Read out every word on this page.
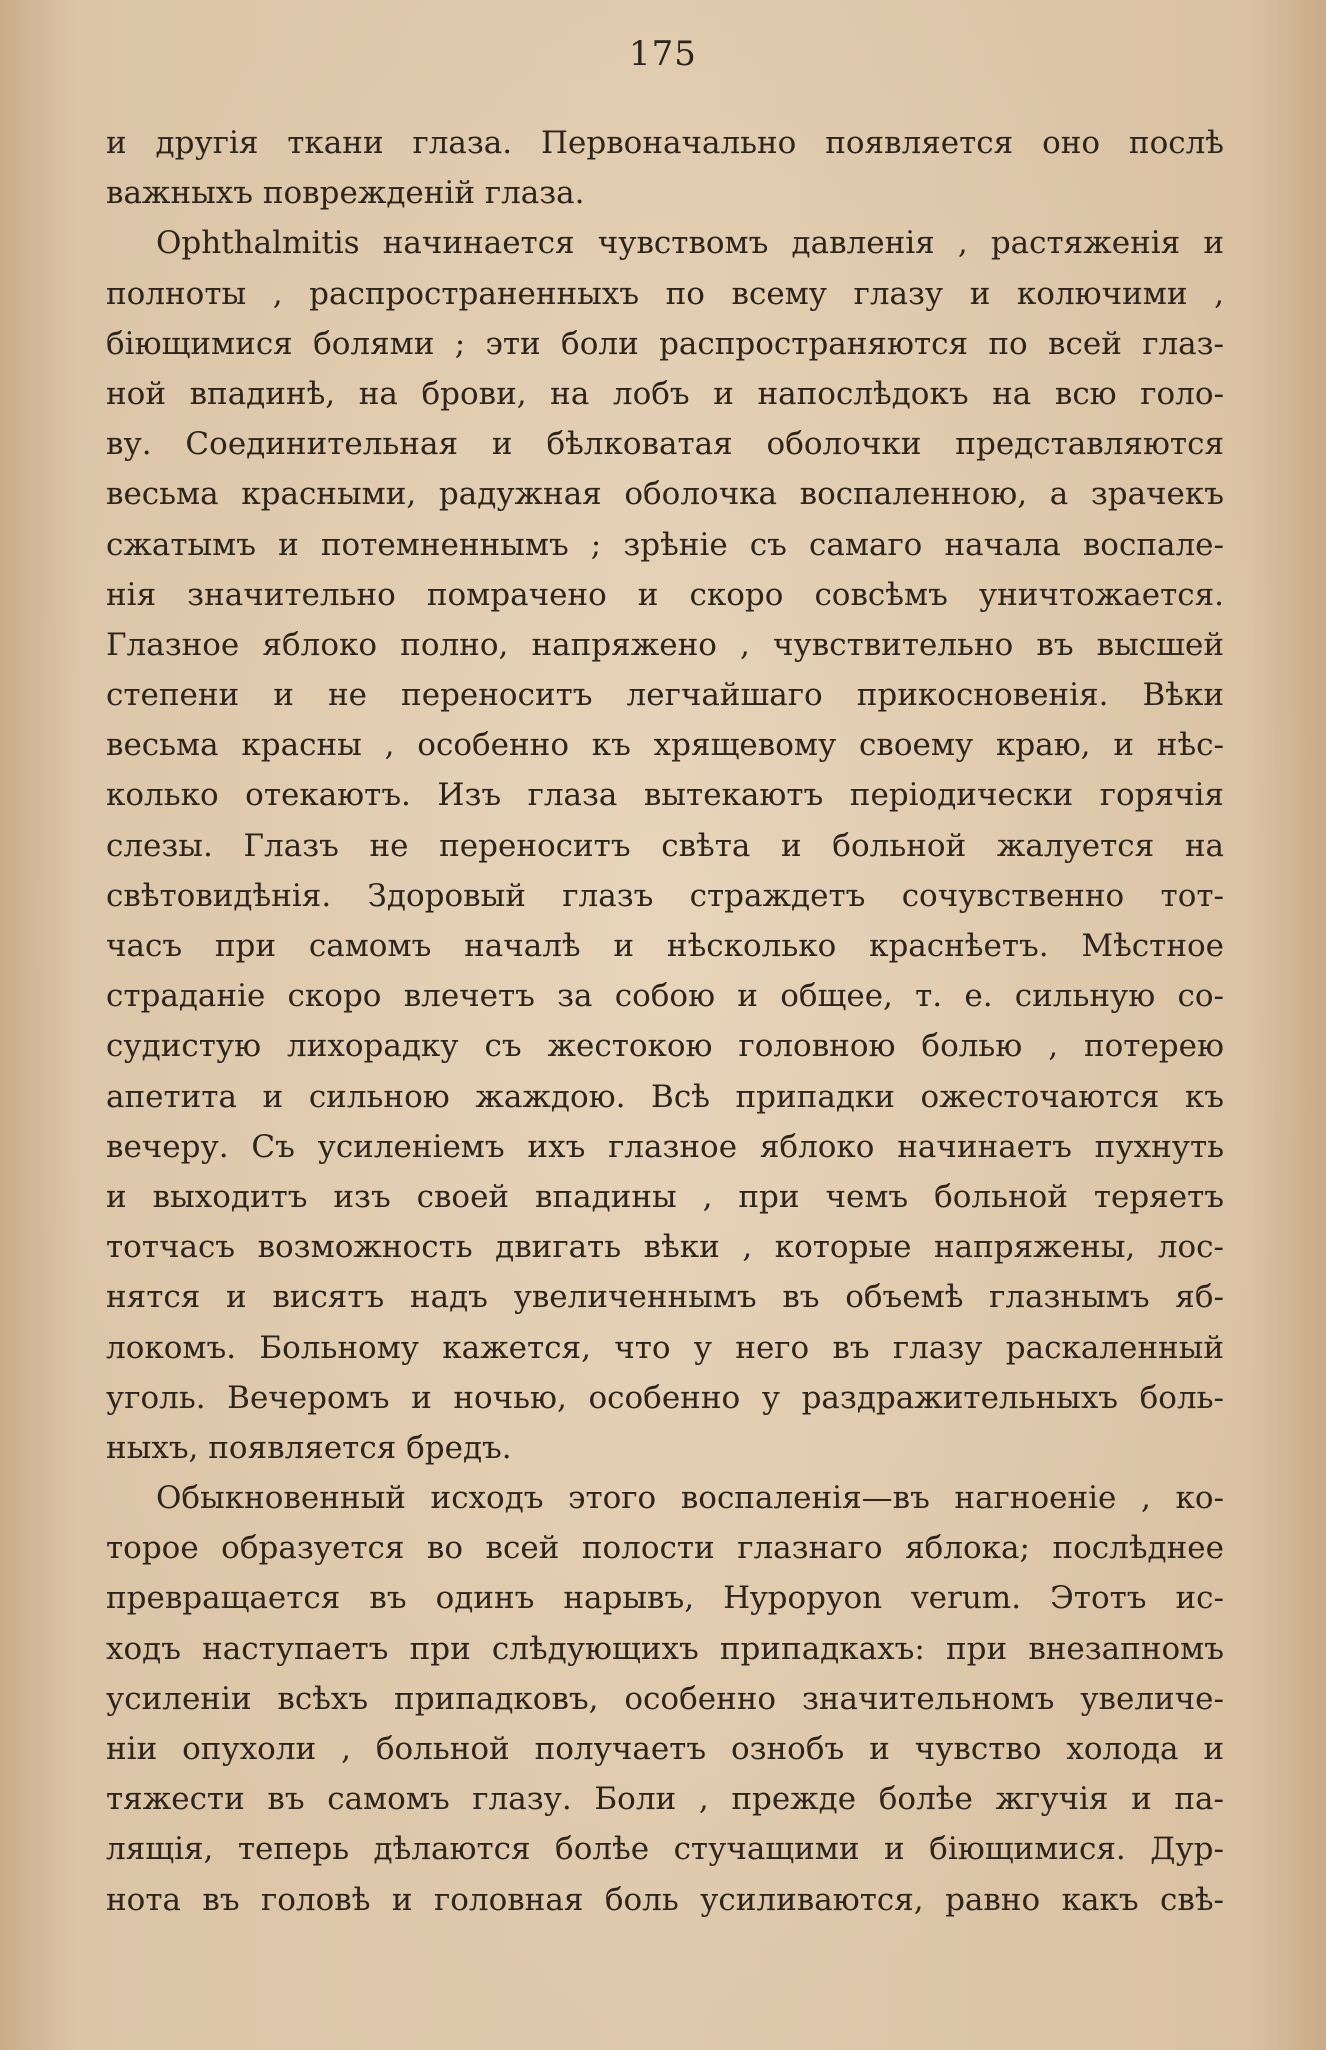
175
и другія ткани глаза. Первоначально появляется оно послѣ
важныхъ поврежденій глаза.
Ophthalmitis начинается чувствомъ давленія , растяженія и
полноты , распространенныхъ по всему глазу и колючими ,
біющимися болями ; эти боли распространяются по всей глаз-
ной впадинѣ, на брови, на лобъ и напослѣдокъ на всю голо-
ву. Соединительная и бѣлковатая оболочки представляются
весьма красными, радужная оболочка воспаленною, а зрачекъ
сжатымъ и потемненнымъ ; зрѣніе съ самаго начала воспале-
нія значительно помрачено и скоро совсѣмъ уничтожается.
Глазное яблоко полно, напряжено , чувствительно въ высшей
степени и не переноситъ легчайшаго прикосновенія. Вѣки
весьма красны , особенно къ хрящевому своему краю, и нѣс-
колько отекаютъ. Изъ глаза вытекаютъ періодически горячія
слезы. Глазъ не переноситъ свѣта и больной жалуется на
свѣтовидѣнія. Здоровый глазъ страждетъ сочувственно тот-
часъ при самомъ началѣ и нѣсколько краснѣетъ. Мѣстное
страданіе скоро влечетъ за собою и общее, т. е. сильную со-
судистую лихорадку съ жестокою головною болью , потерею
апетита и сильною жаждою. Всѣ припадки ожесточаются къ
вечеру. Съ усиленіемъ ихъ глазное яблоко начинаетъ пухнуть
и выходитъ изъ своей впадины , при чемъ больной теряетъ
тотчасъ возможность двигать вѣки , которые напряжены, лос-
нятся и висятъ надъ увеличеннымъ въ объемѣ глазнымъ яб-
локомъ. Больному кажется, что у него въ глазу раскаленный
уголь. Вечеромъ и ночью, особенно у раздражительныхъ боль-
ныхъ, появляется бредъ.
Обыкновенный исходъ этого воспаленія—въ нагноеніе , ко-
торое образуется во всей полости глазнаго яблока; послѣднее
превращается въ одинъ нарывъ, Hypopyon verum. Этотъ ис-
ходъ наступаетъ при слѣдующихъ припадкахъ: при внезапномъ
усиленіи всѣхъ припадковъ, особенно значительномъ увеличе-
ніи опухоли , больной получаетъ ознобъ и чувство холода и
тяжести въ самомъ глазу. Боли , прежде болѣе жгучія и па-
лящія, теперь дѣлаются болѣе стучащими и біющимися. Дур-
нота въ головѣ и головная боль усиливаются, равно какъ свѣ-
